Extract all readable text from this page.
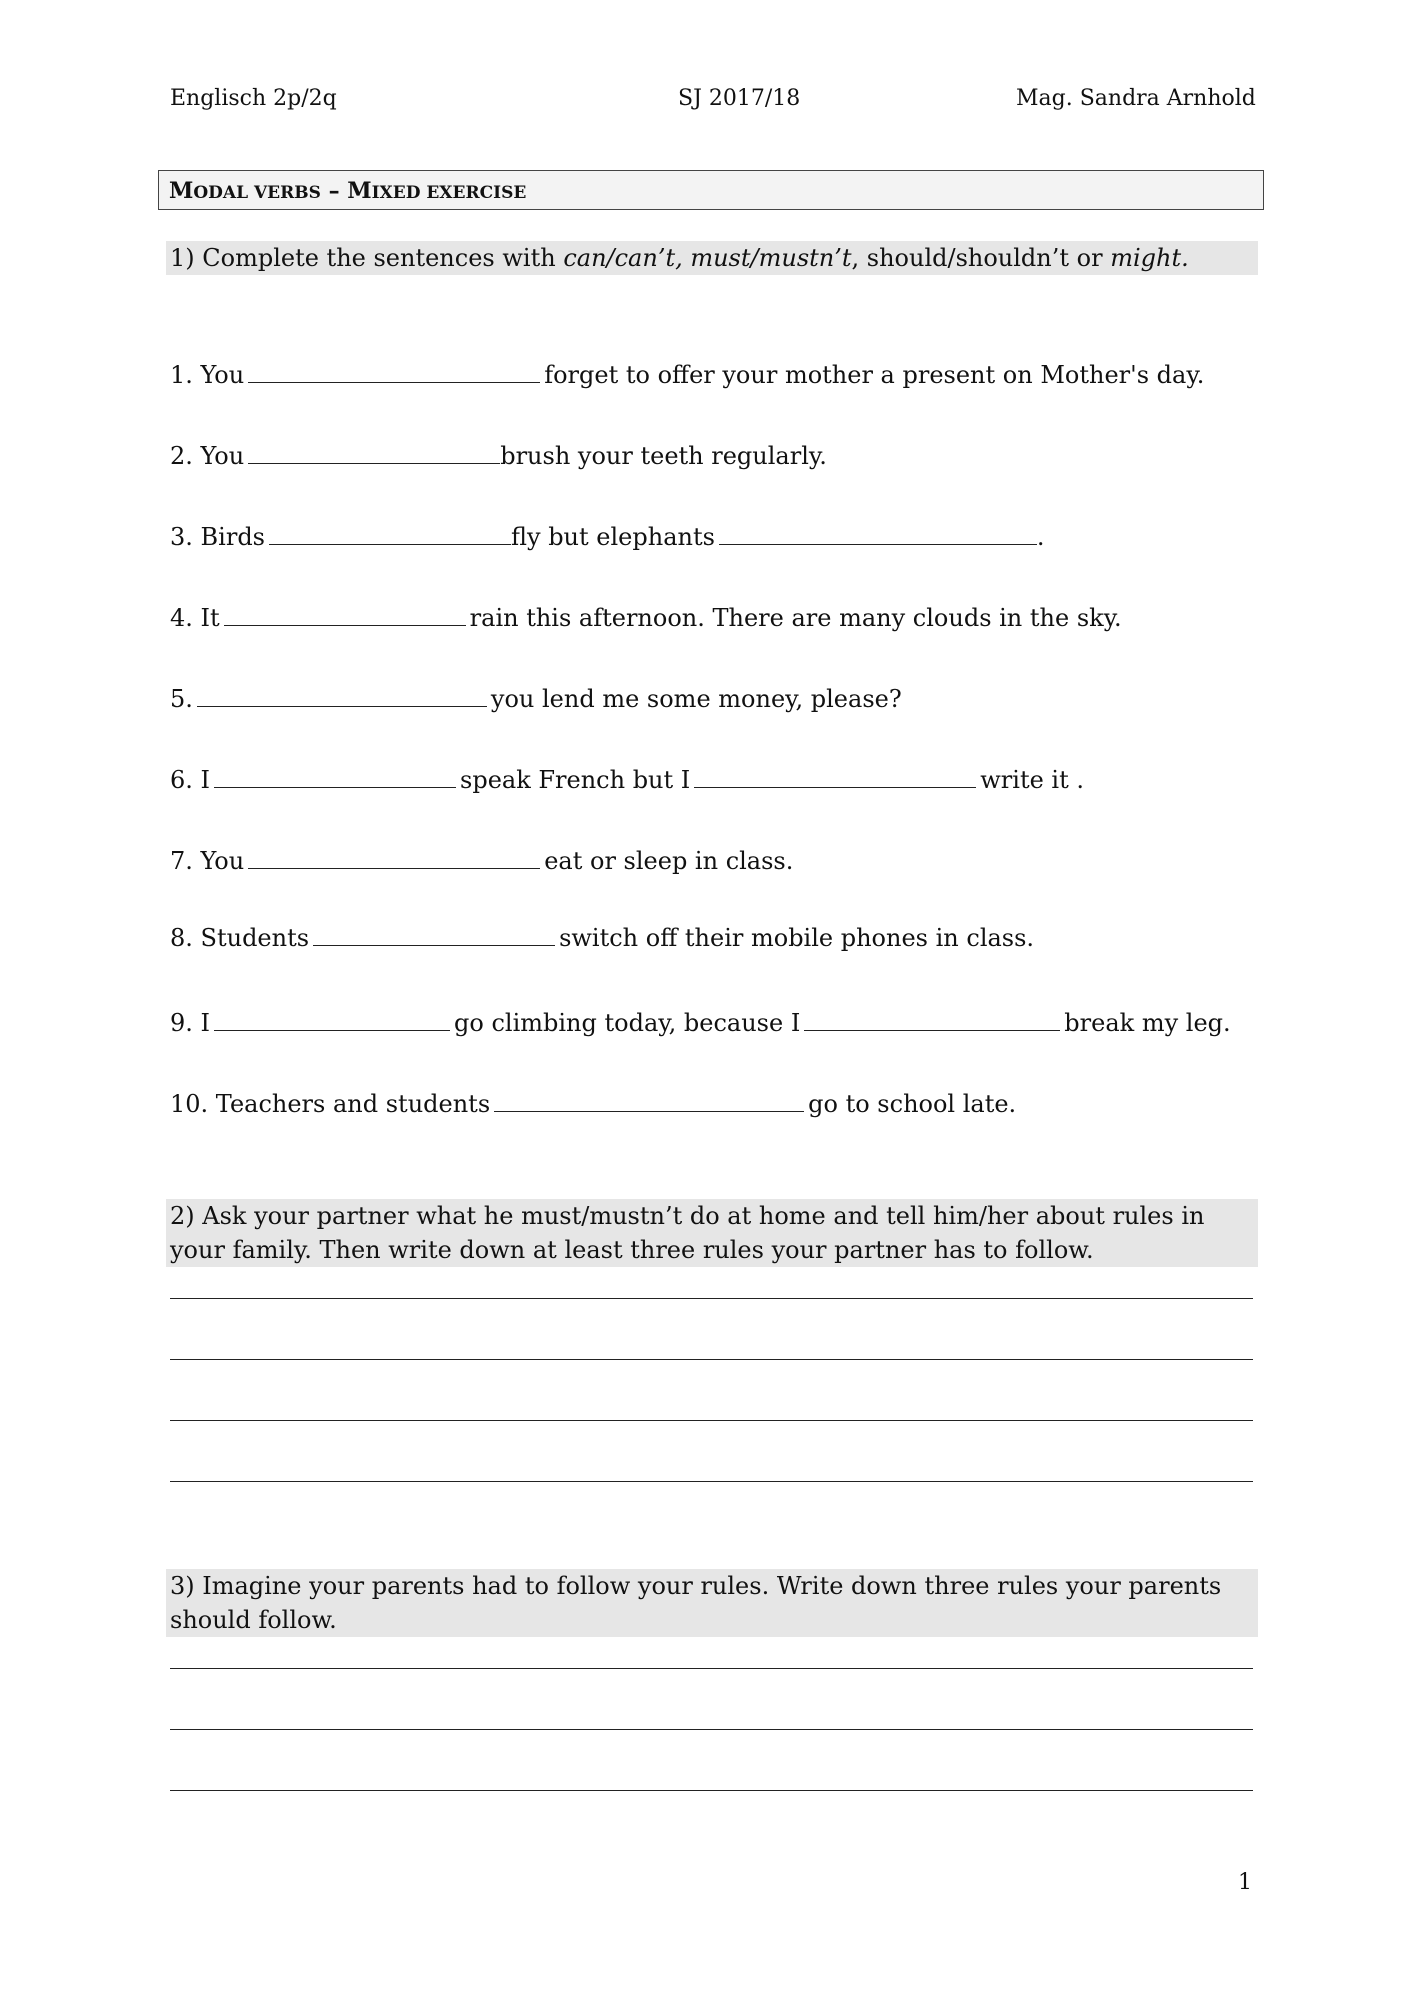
Englisch 2p/2q	SJ 2017/18	Mag. Sandra Arnhold
MODAL VERBS – MIXED EXERCISE
1) Complete the sentences with can/can’t, must/mustn’t, should/shouldn’t or might.
1. You	forget to offer your mother a present on Mother's day.
2. You	brush your teeth regularly.
3. Birds	fly but elephants	.
4. It	rain this afternoon. There are many clouds in the sky.
5.	you lend me some money, please?
6. I	speak French but I	write it .
7. You	eat or sleep in class.
8. Students	switch off their mobile phones in class.
9. I	go climbing today, because I	break my leg.
10. Teachers and students	go to school late.
2) Ask your partner what he must/mustn’t do at home and tell him/her about rules in your family. Then write down at least three rules your partner has to follow.
3) Imagine your parents had to follow your rules. Write down three rules your parents should follow.
1
